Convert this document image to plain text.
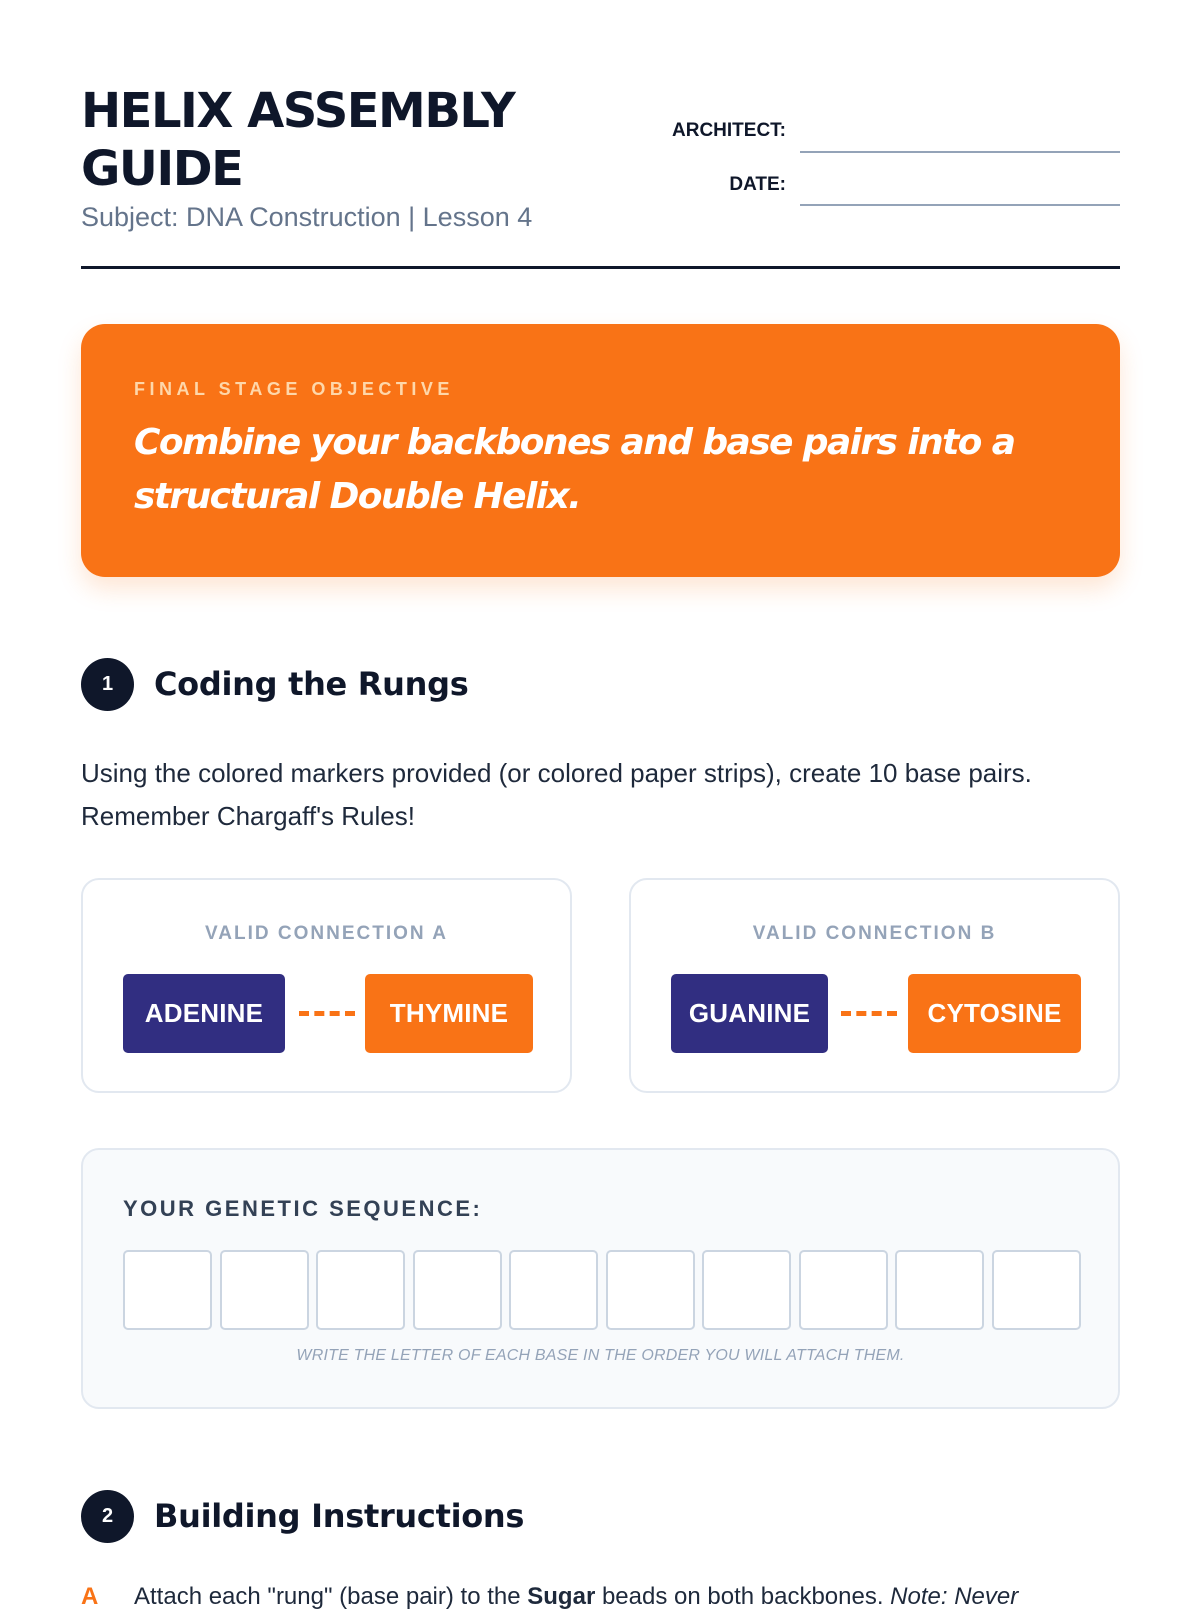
HELIX ASSEMBLY GUIDE
Subject: DNA Construction | Lesson 4
ARCHITECT:
DATE:
FINAL STAGE OBJECTIVE
Combine your backbones and base pairs into a structural Double Helix.
1	Coding the Rungs

Using the colored markers provided (or colored paper strips), create 10 base pairs. Remember Chargaff's Rules!

VALID CONNECTION A
ADENINE	THYMINE
VALID CONNECTION B
GUANINE	CYTOSINE
YOUR GENETIC SEQUENCE:
WRITE THE LETTER OF EACH BASE IN THE ORDER YOU WILL ATTACH THEM.
2	Building Instructions
A Attach each "rung" (base pair) to the Sugar beads on both backbones. Note: Never
